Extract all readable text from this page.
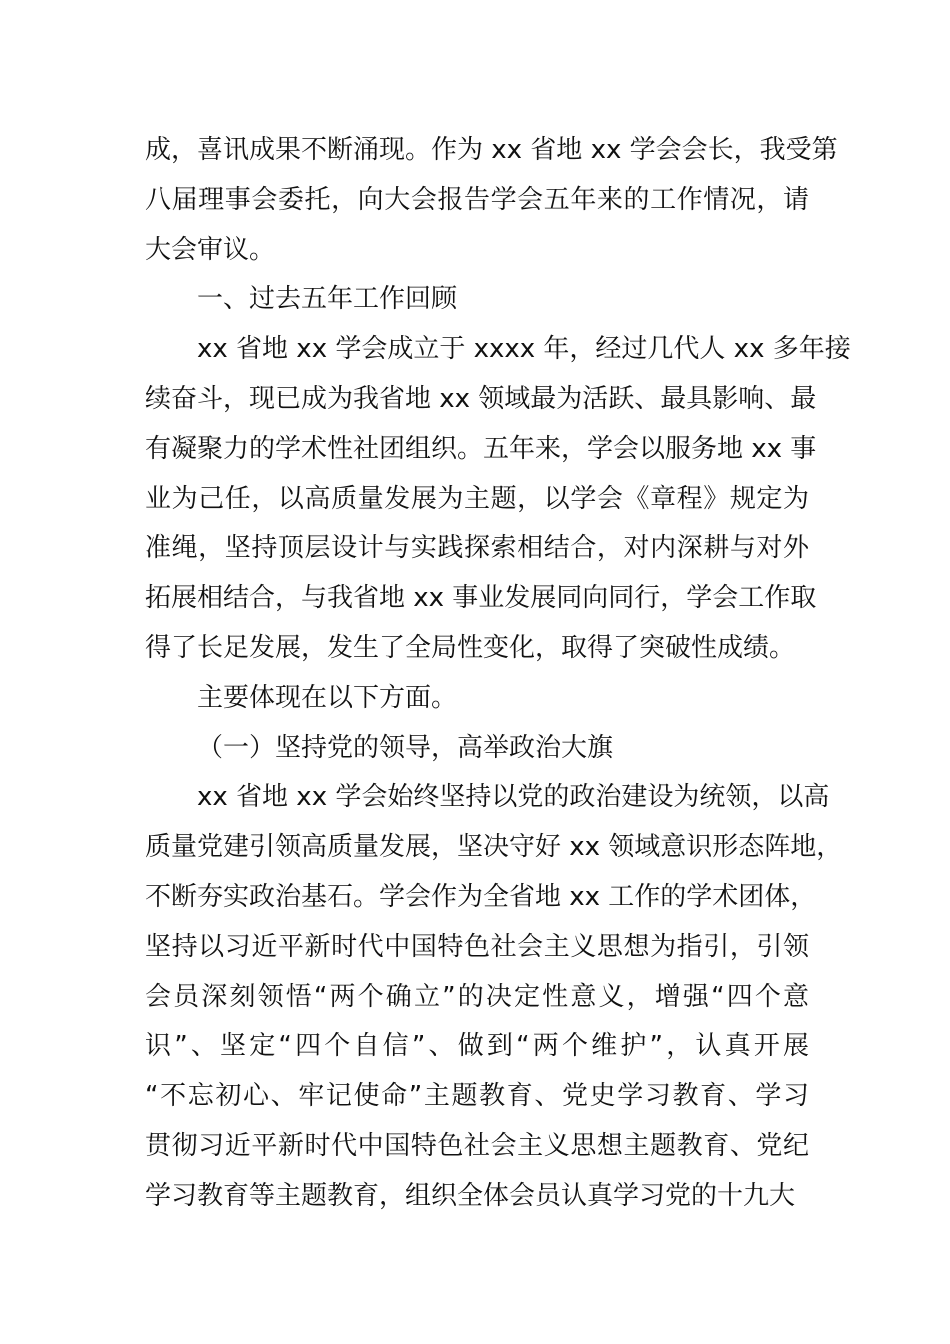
成，喜讯成果不断涌现。作为 xx 省地 xx 学会会长，我受第
八届理事会委托，向大会报告学会五年来的工作情况，请
大会审议。
一、过去五年工作回顾
xx 省地 xx 学会成立于 xxxx 年，经过几代人 xx 多年接
续奋斗，现已成为我省地 xx 领域最为活跃、最具影响、最
有凝聚力的学术性社团组织。五年来，学会以服务地 xx 事
业为己任，以高质量发展为主题，以学会《章程》规定为
准绳，坚持顶层设计与实践探索相结合，对内深耕与对外
拓展相结合，与我省地 xx 事业发展同向同行，学会工作取
得了长足发展，发生了全局性变化，取得了突破性成绩。
主要体现在以下方面。
（一）坚持党的领导，高举政治大旗
xx 省地 xx 学会始终坚持以党的政治建设为统领，以高
质量党建引领高质量发展，坚决守好 xx 领域意识形态阵地，
不断夯实政治基石。学会作为全省地 xx 工作的学术团体，
坚持以习近平新时代中国特色社会主义思想为指引，引领
会员深刻领悟“两个确立”的决定性意义，增强“四个意
识”、坚定“四个自信”、做到“两个维护”，认真开展
“不忘初心、牢记使命”主题教育、党史学习教育、学习
贯彻习近平新时代中国特色社会主义思想主题教育、党纪
学习教育等主题教育，组织全体会员认真学习党的十九大
